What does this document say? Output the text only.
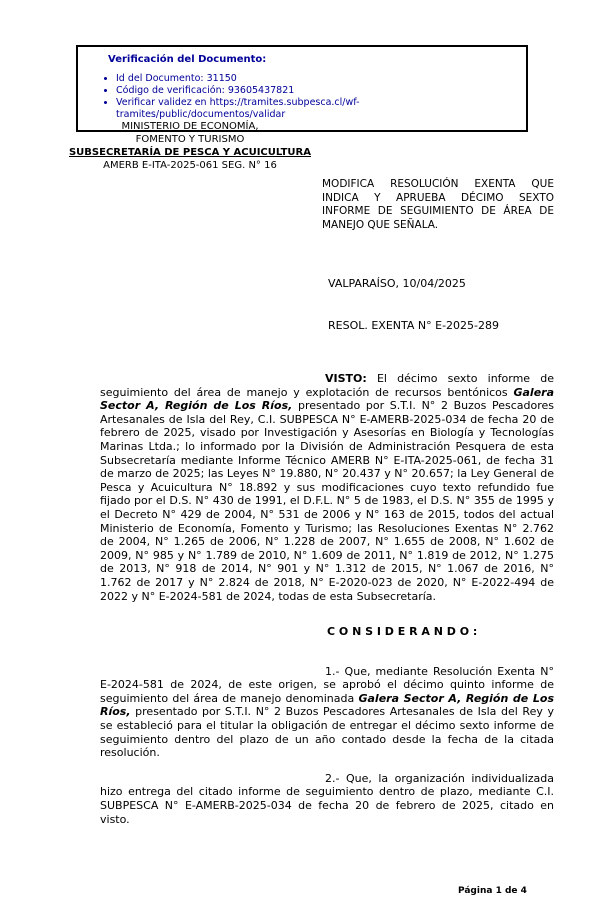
Verificación del Documento:
• Id del Documento: 31150
• Código de verificación: 93605437821
• Verificar validez en https://tramites.subpesca.cl/wf-tramites/public/documentos/validar
MINISTERIO DE ECONOMÍA,
FOMENTO Y TURISMO
SUBSECRETARÍA DE PESCA Y ACUICULTURA
AMERB E-ITA-2025-061 SEG. N° 16
MODIFICA RESOLUCIÓN EXENTA QUE INDICA Y APRUEBA DÉCIMO SEXTO INFORME DE SEGUIMIENTO DE ÁREA DE MANEJO QUE SEÑALA.
VALPARAÍSO, 10/04/2025
RESOL. EXENTA N° E-2025-289

VISTO: El décimo sexto informe de seguimiento del área de manejo y explotación de recursos bentónicos Galera Sector A, Región de Los Ríos, presentado por S.T.I. N° 2 Buzos Pescadores Artesanales de Isla del Rey, C.I. SUBPESCA N° E-AMERB-2025-034 de fecha 20 de febrero de 2025, visado por Investigación y Asesorías en Biología y Tecnologías Marinas Ltda.; lo informado por la División de Administración Pesquera de esta Subsecretaría mediante Informe Técnico AMERB N° E-ITA-2025-061, de fecha 31 de marzo de 2025; las Leyes N° 19.880, N° 20.437 y N° 20.657; la Ley General de Pesca y Acuicultura N° 18.892 y sus modificaciones cuyo texto refundido fue fijado por el D.S. N° 430 de 1991, el D.F.L. N° 5 de 1983, el D.S. N° 355 de 1995 y el Decreto N° 429 de 2004, N° 531 de 2006 y N° 163 de 2015, todos del actual Ministerio de Economía, Fomento y Turismo; las Resoluciones Exentas N° 2.762 de 2004, N° 1.265 de 2006, N° 1.228 de 2007, N° 1.655 de 2008, N° 1.602 de 2009, N° 985 y N° 1.789 de 2010, N° 1.609 de 2011, N° 1.819 de 2012, N° 1.275 de 2013, N° 918 de 2014, N° 901 y N° 1.312 de 2015, N° 1.067 de 2016, N° 1.762 de 2017 y N° 2.824 de 2018, N° E-2020-023 de 2020, N° E-2022-494 de 2022 y N° E-2024-581 de 2024, todas de esta Subsecretaría.

C O N S I D E R A N D O :

1.- Que, mediante Resolución Exenta N° E-2024-581 de 2024, de este origen, se aprobó el décimo quinto informe de seguimiento del área de manejo denominada Galera Sector A, Región de Los Ríos, presentado por S.T.I. N° 2 Buzos Pescadores Artesanales de Isla del Rey y se estableció para el titular la obligación de entregar el décimo sexto informe de seguimiento dentro del plazo de un año contado desde la fecha de la citada resolución.

2.- Que, la organización individualizada hizo entrega del citado informe de seguimiento dentro de plazo, mediante C.I. SUBPESCA N° E-AMERB-2025-034 de fecha 20 de febrero de 2025, citado en visto.

Página 1 de 4
